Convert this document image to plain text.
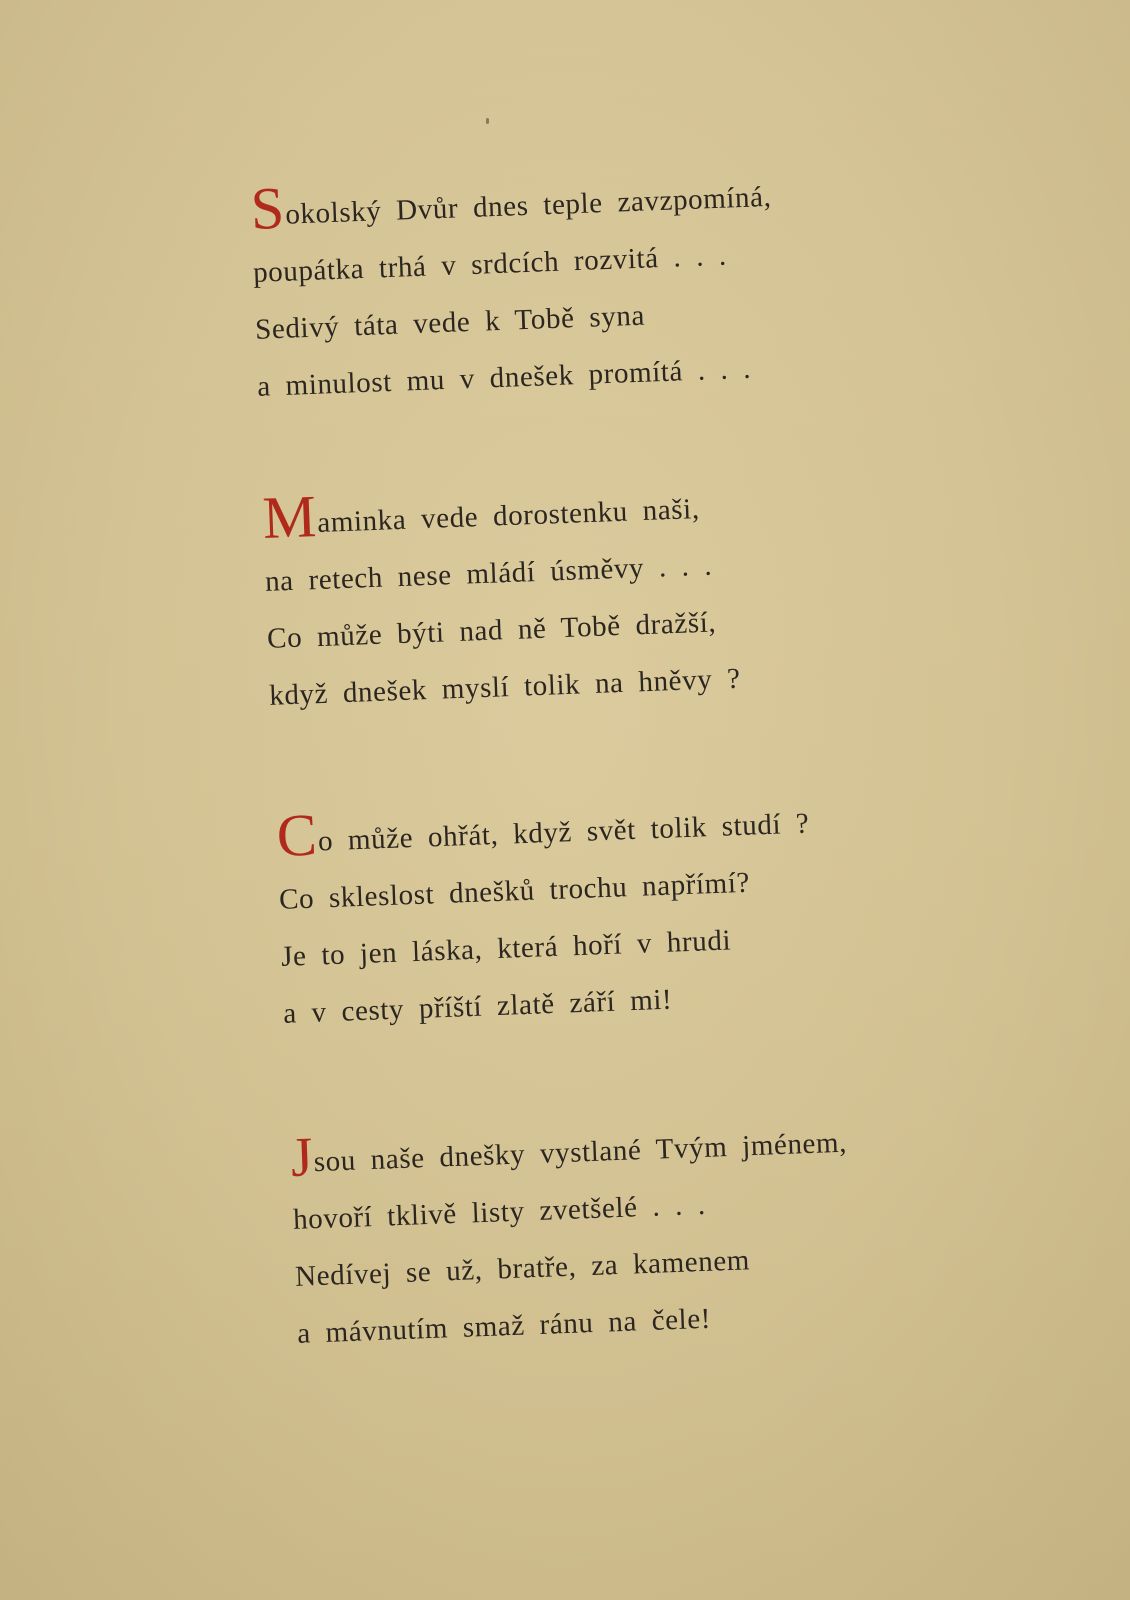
Sokolský Dvůr dnes teple zavzpomíná,
poupátka trhá v srdcích rozvitá . . .
Sedivý táta vede k Tobě syna
a minulost mu v dnešek promítá . . .
Maminka vede dorostenku naši,
na retech nese mládí úsměvy . . .
Co může býti nad ně Tobě dražší,
když dnešek myslí tolik na hněvy ?
Co může ohřát, když svět tolik studí ?
Co skleslost dnešků trochu napřímí?
Je to jen láska, která hoří v hrudi
a v cesty příští zlatě září mi!
Jsou naše dnešky vystlané Tvým jménem,
hovoří tklivě listy zvetšelé . . .
Nedívej se už, bratře, za kamenem
a mávnutím smaž ránu na čele!
